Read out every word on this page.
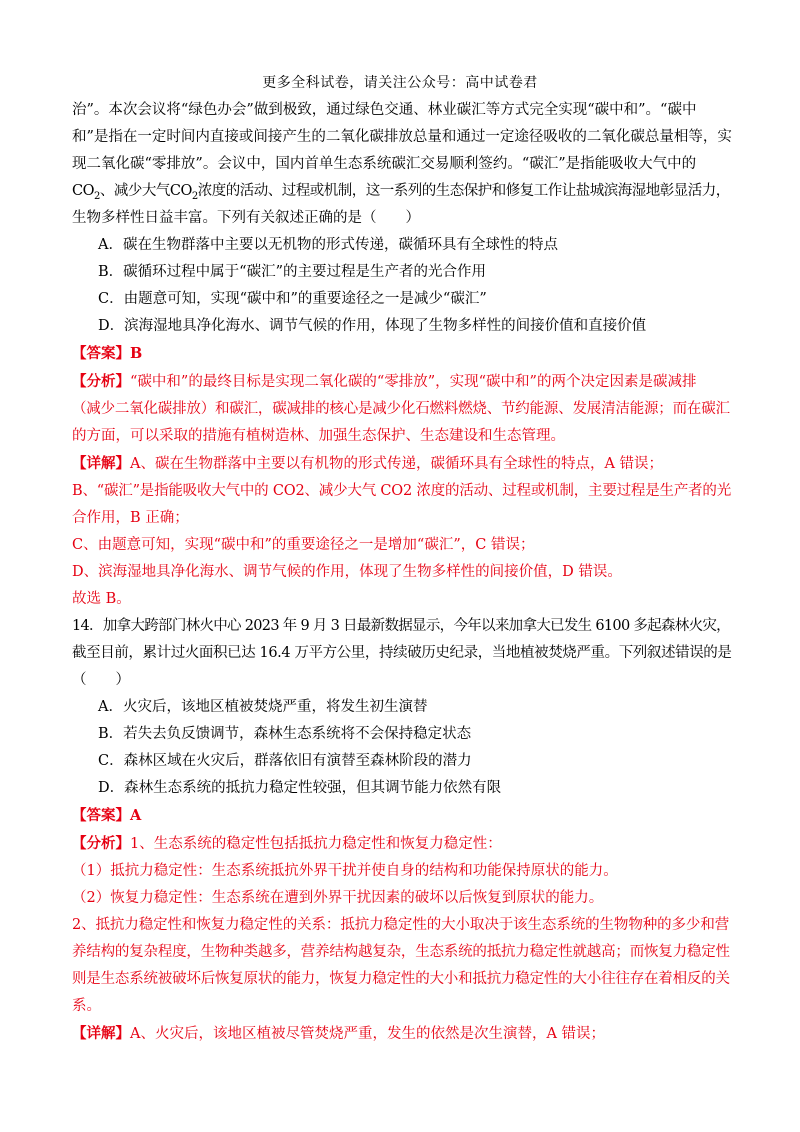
更多全科试卷，请关注公众号：高中试卷君

治”。本次会议将“绿色办会”做到极致，通过绿色交通、林业碳汇等方式完全实现“碳中和”。“碳中

和”是指在一定时间内直接或间接产生的二氧化碳排放总量和通过一定途径吸收的二氧化碳总量相等，实

现二氧化碳“零排放”。会议中，国内首单生态系统碳汇交易顺利签约。“碳汇”是指能吸收大气中的

$CO_2$、减少大气$CO_2$浓度的活动、过程或机制，这一系列的生态保护和修复工作让盐城滨海湿地彰显活力，

生物多样性日益丰富。下列有关叙述正确的是（　　）

A．碳在生物群落中主要以无机物的形式传递，碳循环具有全球性的特点

B．碳循环过程中属于“碳汇”的主要过程是生产者的光合作用

C．由题意可知，实现“碳中和”的重要途径之一是减少“碳汇”

D．滨海湿地具净化海水、调节气候的作用，体现了生物多样性的间接价值和直接价值

【答案】B

【分析】“碳中和”的最终目标是实现二氧化碳的“零排放”，实现“碳中和”的两个决定因素是碳减排

（减少二氧化碳排放）和碳汇，碳减排的核心是减少化石燃料燃烧、节约能源、发展清洁能源；而在碳汇

的方面，可以采取的措施有植树造林、加强生态保护、生态建设和生态管理。

【详解】A、碳在生物群落中主要以有机物的形式传递，碳循环具有全球性的特点，A 错误；

B、“碳汇”是指能吸收大气中的 CO2、减少大气 CO2 浓度的活动、过程或机制，主要过程是生产者的光

合作用，B 正确；

C、由题意可知，实现“碳中和”的重要途径之一是增加“碳汇”，C 错误；

D、滨海湿地具净化海水、调节气候的作用，体现了生物多样性的间接价值，D 错误。

故选 B。

14．加拿大跨部门林火中心 2023 年 9 月 3 日最新数据显示，今年以来加拿大已发生 6100 多起森林火灾，

截至目前，累计过火面积已达 16.4 万平方公里，持续破历史纪录，当地植被焚烧严重。下列叙述错误的是

（　　）

A．火灾后，该地区植被焚烧严重，将发生初生演替

B．若失去负反馈调节，森林生态系统将不会保持稳定状态

C．森林区域在火灾后，群落依旧有演替至森林阶段的潜力

D．森林生态系统的抵抗力稳定性较强，但其调节能力依然有限

【答案】A

【分析】1、生态系统的稳定性包括抵抗力稳定性和恢复力稳定性：

（1）抵抗力稳定性：生态系统抵抗外界干扰并使自身的结构和功能保持原状的能力。

（2）恢复力稳定性：生态系统在遭到外界干扰因素的破坏以后恢复到原状的能力。

2、抵抗力稳定性和恢复力稳定性的关系：抵抗力稳定性的大小取决于该生态系统的生物物种的多少和营

养结构的复杂程度，生物种类越多，营养结构越复杂，生态系统的抵抗力稳定性就越高；而恢复力稳定性

则是生态系统被破坏后恢复原状的能力，恢复力稳定性的大小和抵抗力稳定性的大小往往存在着相反的关

系。

【详解】A、火灾后，该地区植被尽管焚烧严重，发生的依然是次生演替，A 错误；
